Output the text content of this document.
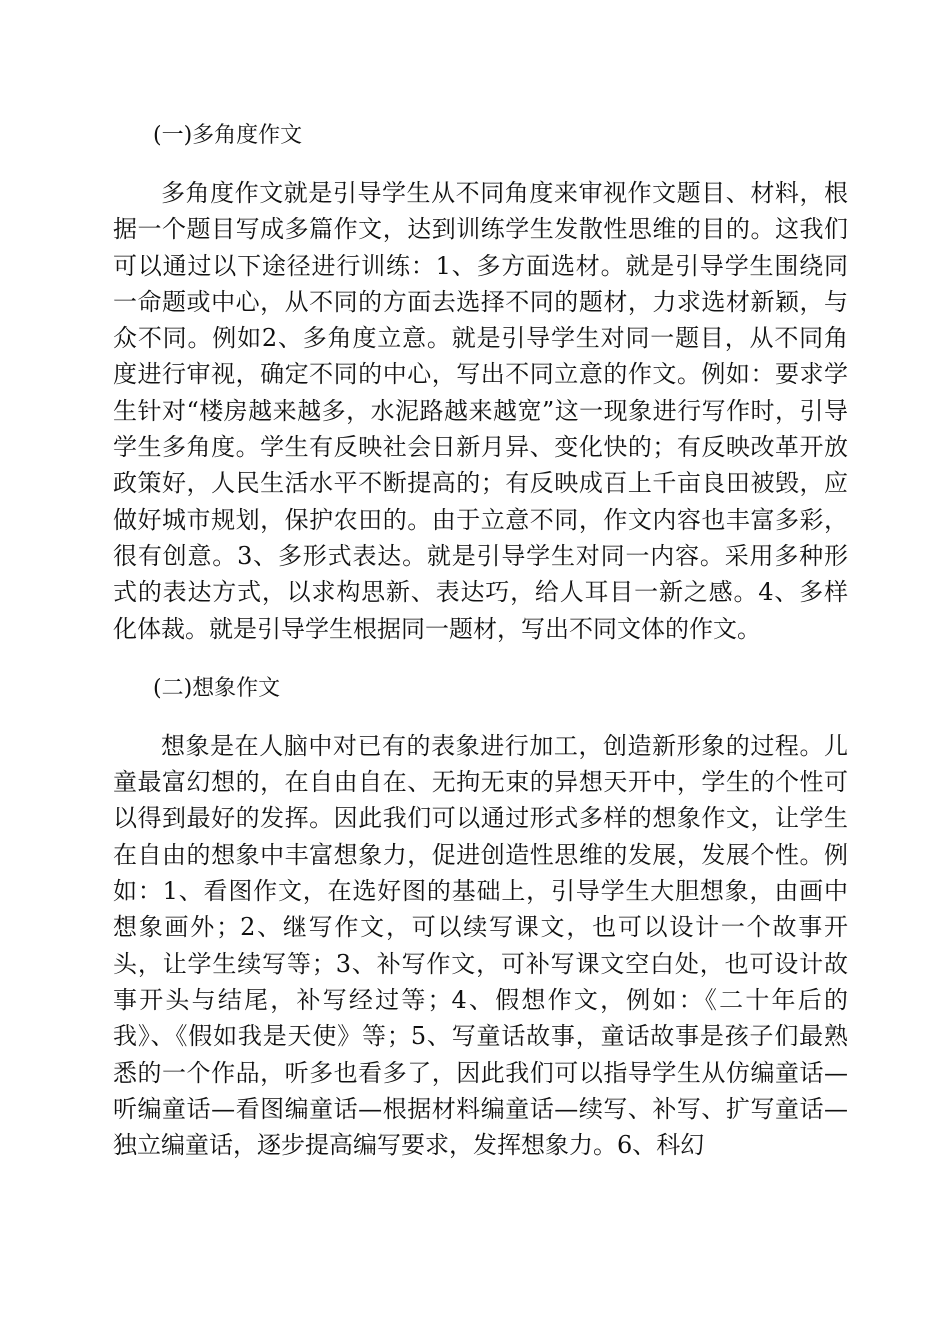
(一)多角度作文

多角度作文就是引导学生从不同角度来审视作文题目、材料，根据一个题目写成多篇作文，达到训练学生发散性思维的目的。这我们可以通过以下途径进行训练：1、多方面选材。就是引导学生围绕同一命题或中心，从不同的方面去选择不同的题材，力求选材新颖，与众不同。例如2、多角度立意。就是引导学生对同一题目，从不同角度进行审视，确定不同的中心，写出不同立意的作文。例如：要求学生针对“楼房越来越多，水泥路越来越宽”这一现象进行写作时，引导学生多角度。学生有反映社会日新月异、变化快的；有反映改革开放政策好，人民生活水平不断提高的；有反映成百上千亩良田被毁，应做好城市规划，保护农田的。由于立意不同，作文内容也丰富多彩，很有创意。3、多形式表达。就是引导学生对同一内容。采用多种形式的表达方式，以求构思新、表达巧，给人耳目一新之感。4、多样化体裁。就是引导学生根据同一题材，写出不同文体的作文。

(二)想象作文

想象是在人脑中对已有的表象进行加工，创造新形象的过程。儿童最富幻想的，在自由自在、无拘无束的异想天开中，学生的个性可以得到最好的发挥。因此我们可以通过形式多样的想象作文，让学生在自由的想象中丰富想象力，促进创造性思维的发展，发展个性。例如：1、看图作文，在选好图的基础上，引导学生大胆想象，由画中想象画外；2、继写作文，可以续写课文，也可以设计一个故事开头，让学生续写等；3、补写作文，可补写课文空白处，也可设计故事开头与结尾，补写经过等；4、假想作文，例如：《二十年后的我》、《假如我是天使》等；5、写童话故事，童话故事是孩子们最熟悉的一个作品，听多也看多了，因此我们可以指导学生从仿编童话—听编童话—看图编童话—根据材料编童话—续写、补写、扩写童话—独立编童话，逐步提高编写要求，发挥想象力。6、科幻
